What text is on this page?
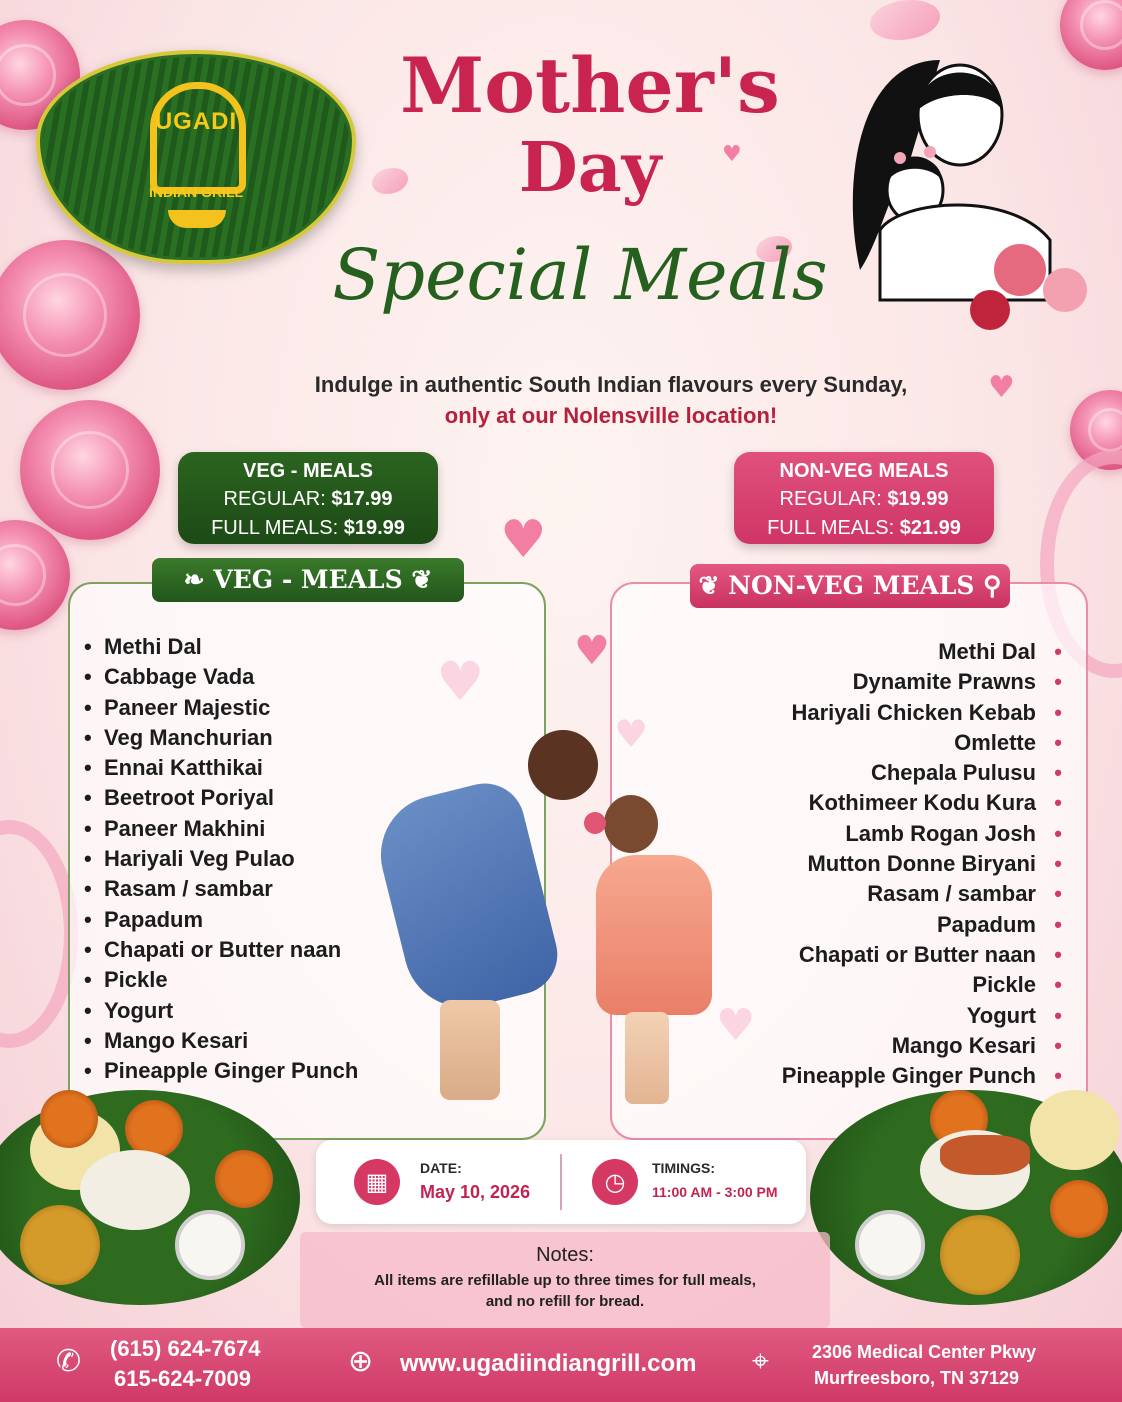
♥
♥
♥
♥
UGADI
INDIAN GRILL
Mother's
Day
Special Meals
Indulge in authentic South Indian flavours every Sunday,
only at our Nolensville location!
VEG - MEALS
REGULAR: $17.99
FULL MEALS: $19.99
NON-VEG MEALS
REGULAR: $19.99
FULL MEALS: $21.99
❧ VEG - MEALS ❦	❦ NON-VEG MEALS ⚲
• Methi Dal
• Cabbage Vada
• Paneer Majestic
• Veg Manchurian
• Ennai Katthikai
• Beetroot Poriyal
• Paneer Makhini
• Hariyali Veg Pulao
• Rasam / sambar
• Papadum
• Chapati or Butter naan
• Pickle
• Yogurt
• Mango Kesari
• Pineapple Ginger Punch
Methi Dal •
Dynamite Prawns •
Hariyali Chicken Kebab •
Omlette •
Chepala Pulusu •
Kothimeer Kodu Kura •
Lamb Rogan Josh •
Mutton Donne Biryani •
Rasam / sambar •
Papadum •
Chapati or Butter naan •
Pickle •
Yogurt •
Mango Kesari •
Pineapple Ginger Punch •
▦	DATE:
May 10, 2026	◷	TIMINGS:
11:00 AM - 3:00 PM
Notes:
All items are refillable up to three times for full meals,
and no refill for bread.
✆ (615) 624-7674
615-624-7009	⊕ www.ugadiindiangrill.com ⌖ 2306 Medical Center Pkwy
Murfreesboro, TN 37129
